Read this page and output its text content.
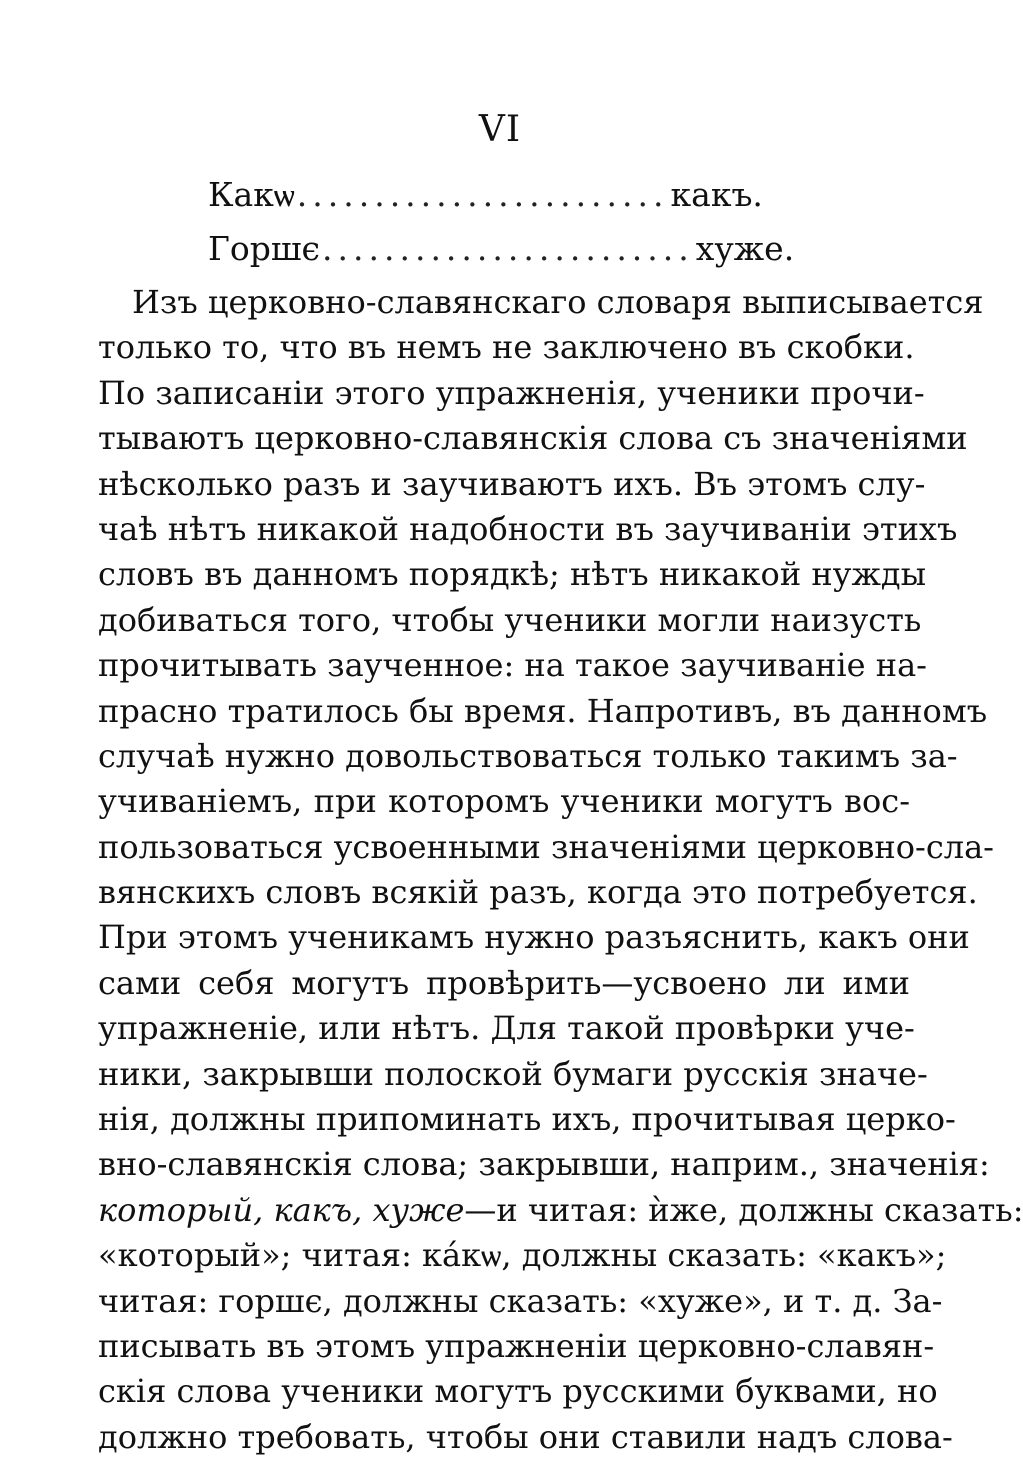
VI
Какѡ ........................ какъ.
Горшє ........................ хуже.
Изъ церковно-славянскаго словаря выписывается
только то, что въ немъ не заключено въ скобки.
По записаніи этого упражненія, ученики прочи-
тываютъ церковно-славянскія слова съ значеніями
нѣсколько разъ и заучиваютъ ихъ. Въ этомъ слу-
чаѣ нѣтъ никакой надобности въ заучиваніи этихъ
словъ въ данномъ порядкѣ; нѣтъ никакой нужды
добиваться того, чтобы ученики могли наизусть
прочитывать заученное: на такое заучиваніе на-
прасно тратилось бы время. Напротивъ, въ данномъ
случаѣ нужно довольствоваться только такимъ за-
учиваніемъ, при которомъ ученики могутъ вос-
пользоваться усвоенными значеніями церковно-сла-
вянскихъ словъ всякій разъ, когда это потребуется.
При этомъ ученикамъ нужно разъяснить, какъ они
сами себя могутъ провѣрить—усвоено ли ими
упражненіе, или нѣтъ. Для такой провѣрки уче-
ники, закрывши полоской бумаги русскія значе-
нія, должны припоминать ихъ, прочитывая церко-
вно-славянскія слова; закрывши, наприм., значенія:
который, какъ, хуже—и читая: ѝже, должны сказать:
«который»; читая: кáкѡ, должны сказать: «какъ»;
читая: горшє, должны сказать: «хуже», и т. д. За-
писывать въ этомъ упражненіи церковно-славян-
скія слова ученики могутъ русскими буквами, но
должно требовать, чтобы они ставили надъ слова-
